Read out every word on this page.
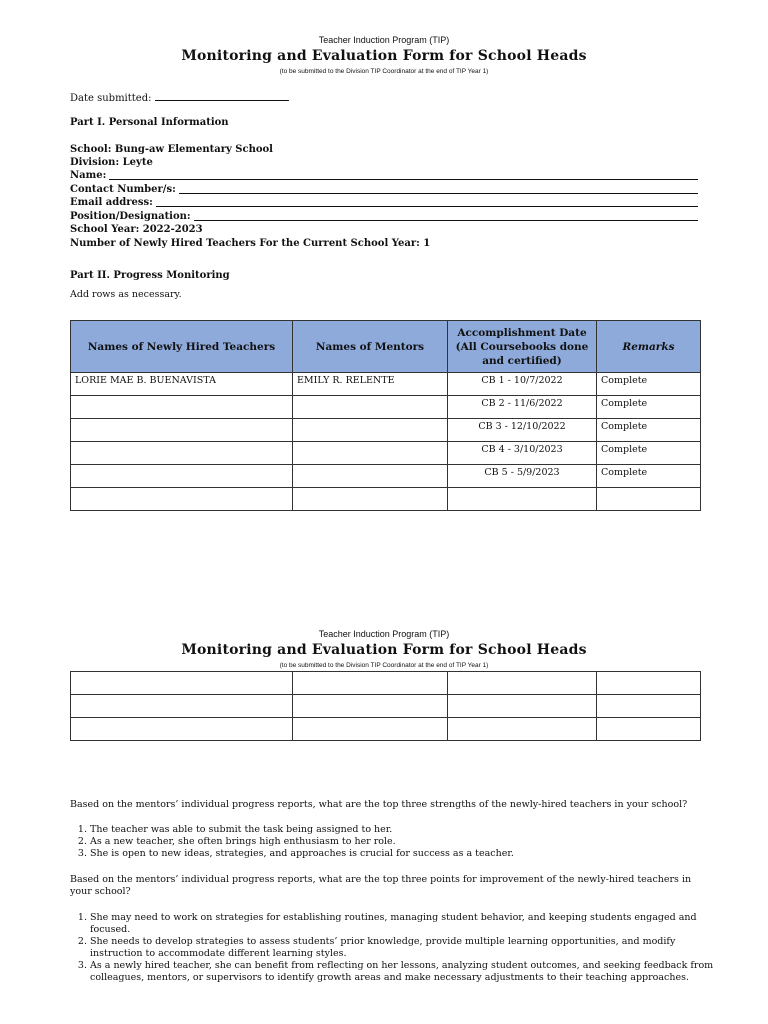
Teacher Induction Program (TIP)
Monitoring and Evaluation Form for School Heads
(to be submitted to the Division TIP Coordinator at the end of TIP Year 1)
Date submitted:
Part I. Personal Information
School: Bung-aw Elementary School
Division: Leyte
Name:
Contact Number/s:
Email address:
Position/Designation:
School Year: 2022-2023
Number of Newly Hired Teachers For the Current School Year: 1
Part II. Progress Monitoring
Add rows as necessary.
Names of Newly Hired Teachers	Names of Mentors	Accomplishment Date
(All Coursebooks done
and certified)	Remarks
LORIE MAE B. BUENAVISTA	EMILY R. RELENTE	CB 1 - 10/7/2022	Complete
		CB 2 - 11/6/2022	Complete
		CB 3 - 12/10/2022	Complete
		CB 4 - 3/10/2023	Complete
		CB 5 - 5/9/2023	Complete

Teacher Induction Program (TIP)
Monitoring and Evaluation Form for School Heads
(to be submitted to the Division TIP Coordinator at the end of TIP Year 1)

Based on the mentors’ individual progress reports, what are the top three strengths of the newly-hired teachers in your school?
1. The teacher was able to submit the task being assigned to her.
2. As a new teacher, she often brings high enthusiasm to her role.
3. She is open to new ideas, strategies, and approaches is crucial for success as a teacher.
Based on the mentors’ individual progress reports, what are the top three points for improvement of the newly-hired teachers in your school?
1. She may need to work on strategies for establishing routines, managing student behavior, and keeping students engaged and focused.
2. She needs to develop strategies to assess students’ prior knowledge, provide multiple learning opportunities, and modify instruction to accommodate different learning styles.
3. As a newly hired teacher, she can benefit from reflecting on her lessons, analyzing student outcomes, and seeking feedback from colleagues, mentors, or supervisors to identify growth areas and make necessary adjustments to their teaching approaches.
